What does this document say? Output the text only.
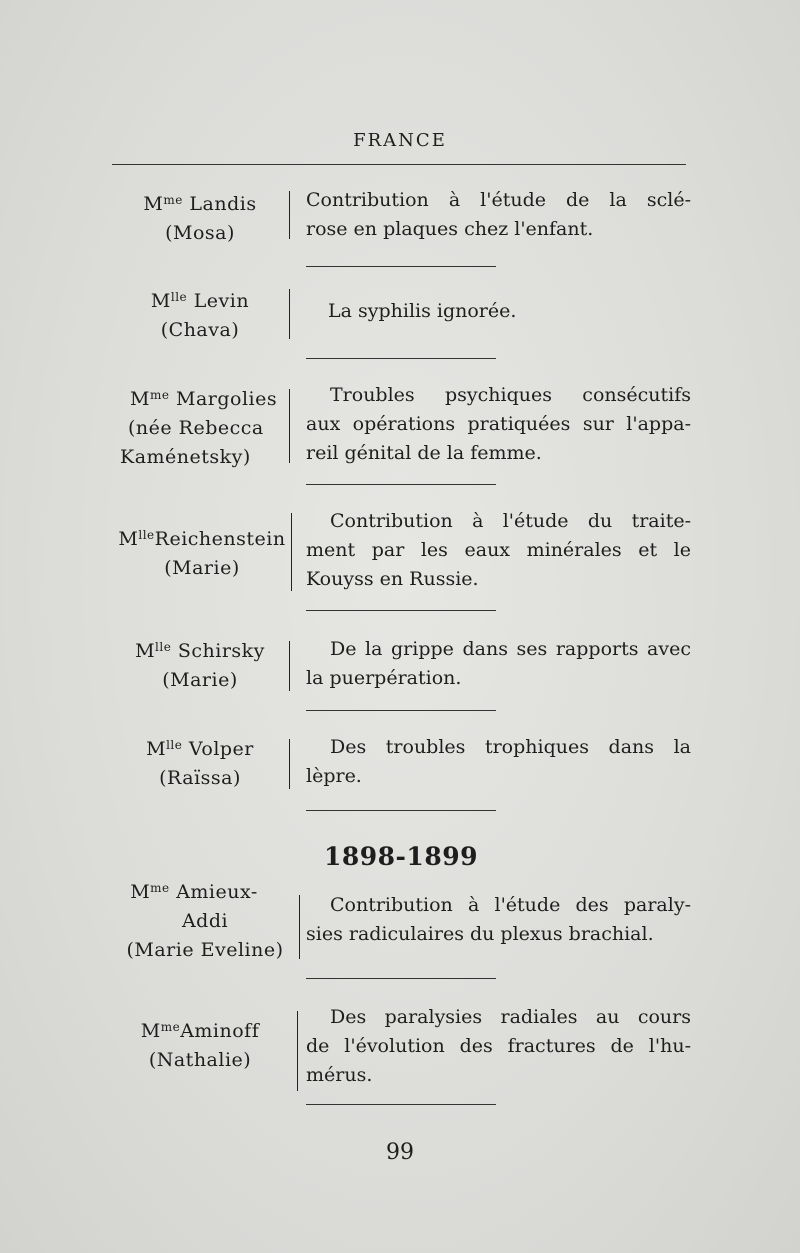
FRANCE
$M^{me}$ Landis
(Mosa)
Contribution à l'étude de la sclé-
rose en plaques chez l'enfant.
$M^{lle}$ Levin
(Chava)
La syphilis ignorée.
$M^{me}$ Margolies
(née Rebecca
Kaménetsky)
Troubles psychiques consécutifs
aux opérations pratiquées sur l'appa-
reil génital de la femme.
$M^{lle}Reichenstein$
(Marie)
Contribution à l'étude du traite-
ment par les eaux minérales et le
Kouyss en Russie.
$M^{lle}$ Schirsky
(Marie)
De la grippe dans ses rapports avec
la puerpération.
$M^{lle}$ Volper
(Raïssa)
Des troubles trophiques dans la
lèpre.
1898-1899
$M^{me}$ Amieux-
Addi
(Marie Eveline)
Contribution à l'étude des paraly-
sies radiculaires du plexus brachial.
$M^{me}Aminoff$
(Nathalie)
Des paralysies radiales au cours
de l'évolution des fractures de l'hu-
mérus.
99
